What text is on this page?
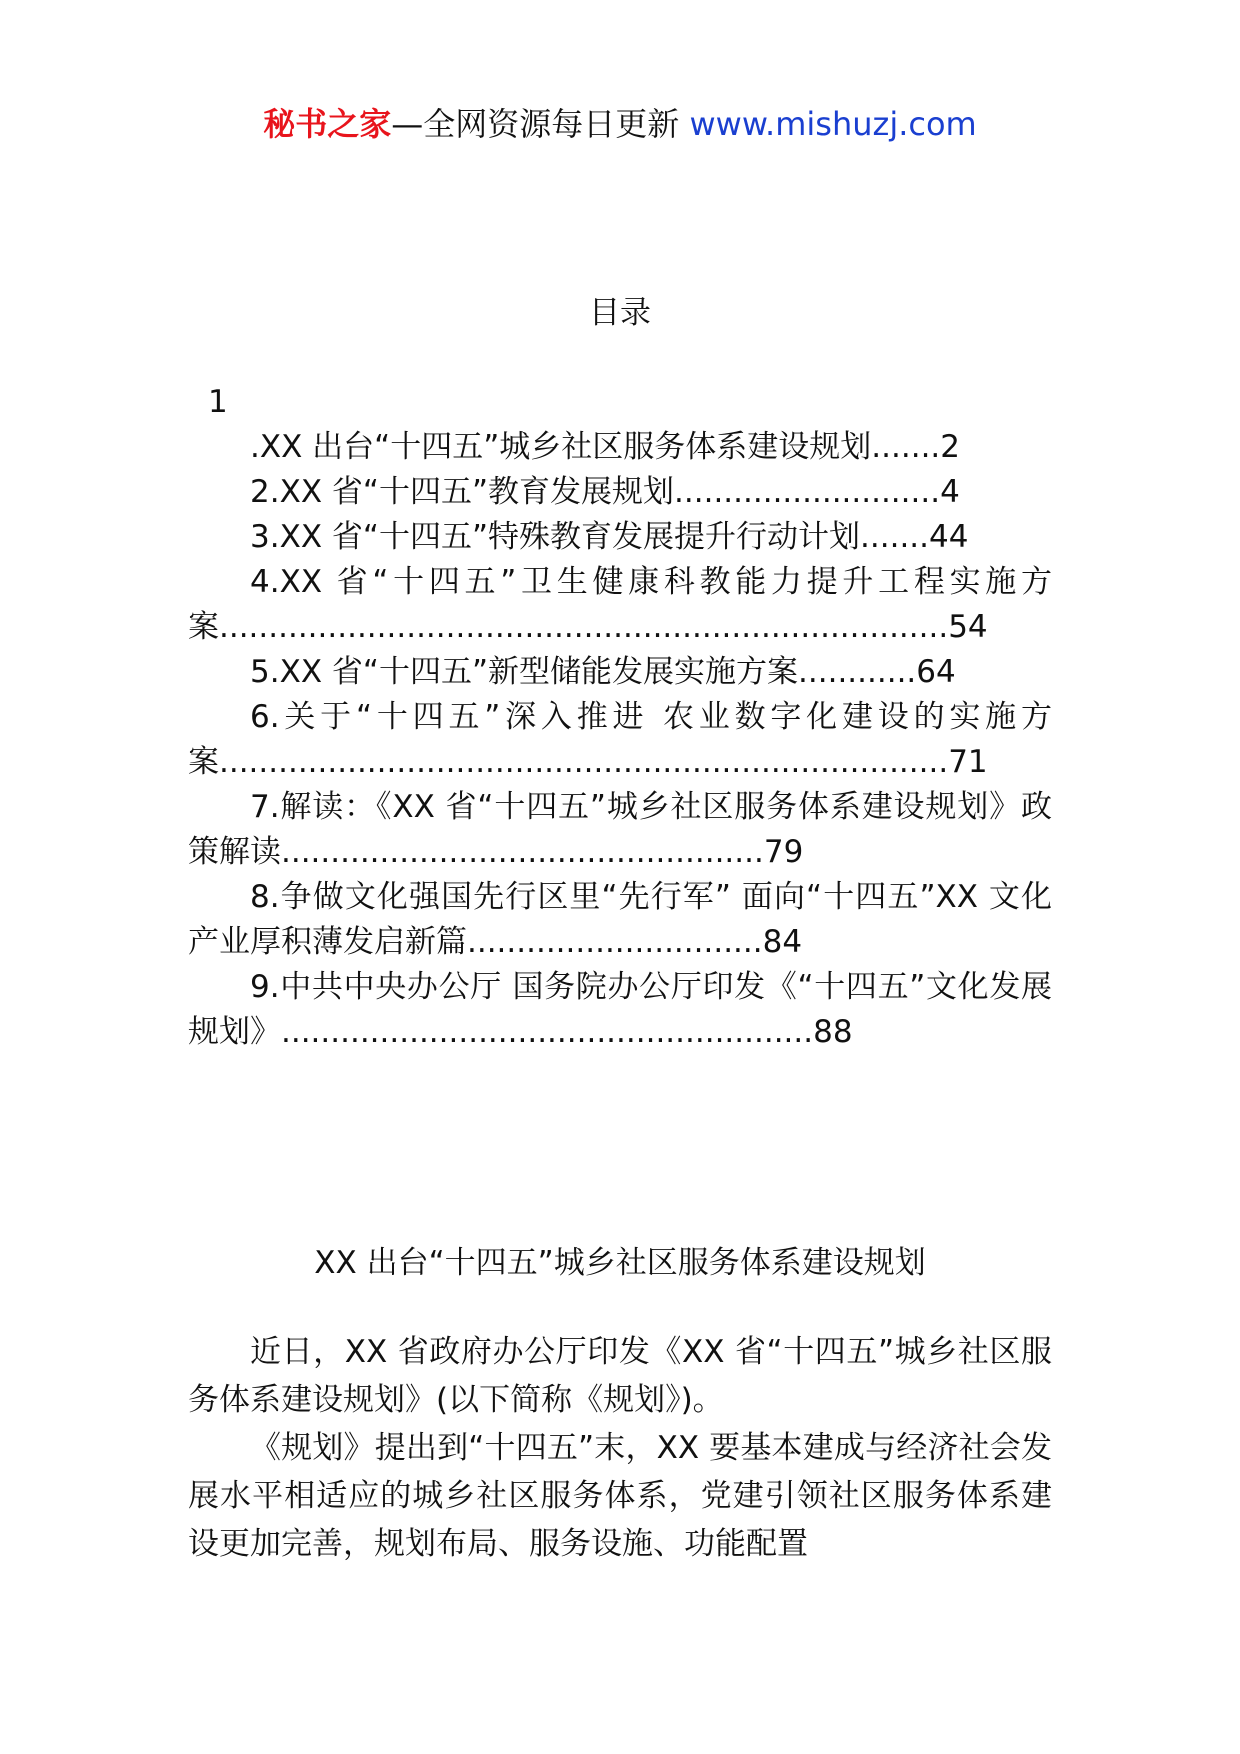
秘书之家—全网资源每日更新 www.mishuzj.com
目录
1
.XX 出台“十四五”城乡社区服务体系建设规划.......2
2.XX 省“十四五”教育发展规划...........................4
3.XX 省“十四五”特殊教育发展提升行动计划.......44
4.XX 省“十四五”卫生健康科教能力提升工程实施方案..........................................................................54
5.XX 省“十四五”新型储能发展实施方案............64
6.关于“十四五”深入推进 农业数字化建设的实施方案..........................................................................71
7.解读：《XX 省“十四五”城乡社区服务体系建设规划》政策解读.................................................79
8.争做文化强国先行区里“先行军” 面向“十四五”XX 文化产业厚积薄发启新篇..............................84
9.中共中央办公厅 国务院办公厅印发《“十四五”文化发展规划》......................................................88
XX 出台“十四五”城乡社区服务体系建设规划

近日，XX 省政府办公厅印发《XX 省“十四五”城乡社区服务体系建设规划》(以下简称《规划》)。

《规划》提出到“十四五”末，XX 要基本建成与经济社会发展水平相适应的城乡社区服务体系，党建引领社区服务体系建设更加完善，规划布局、服务设施、功能配置
